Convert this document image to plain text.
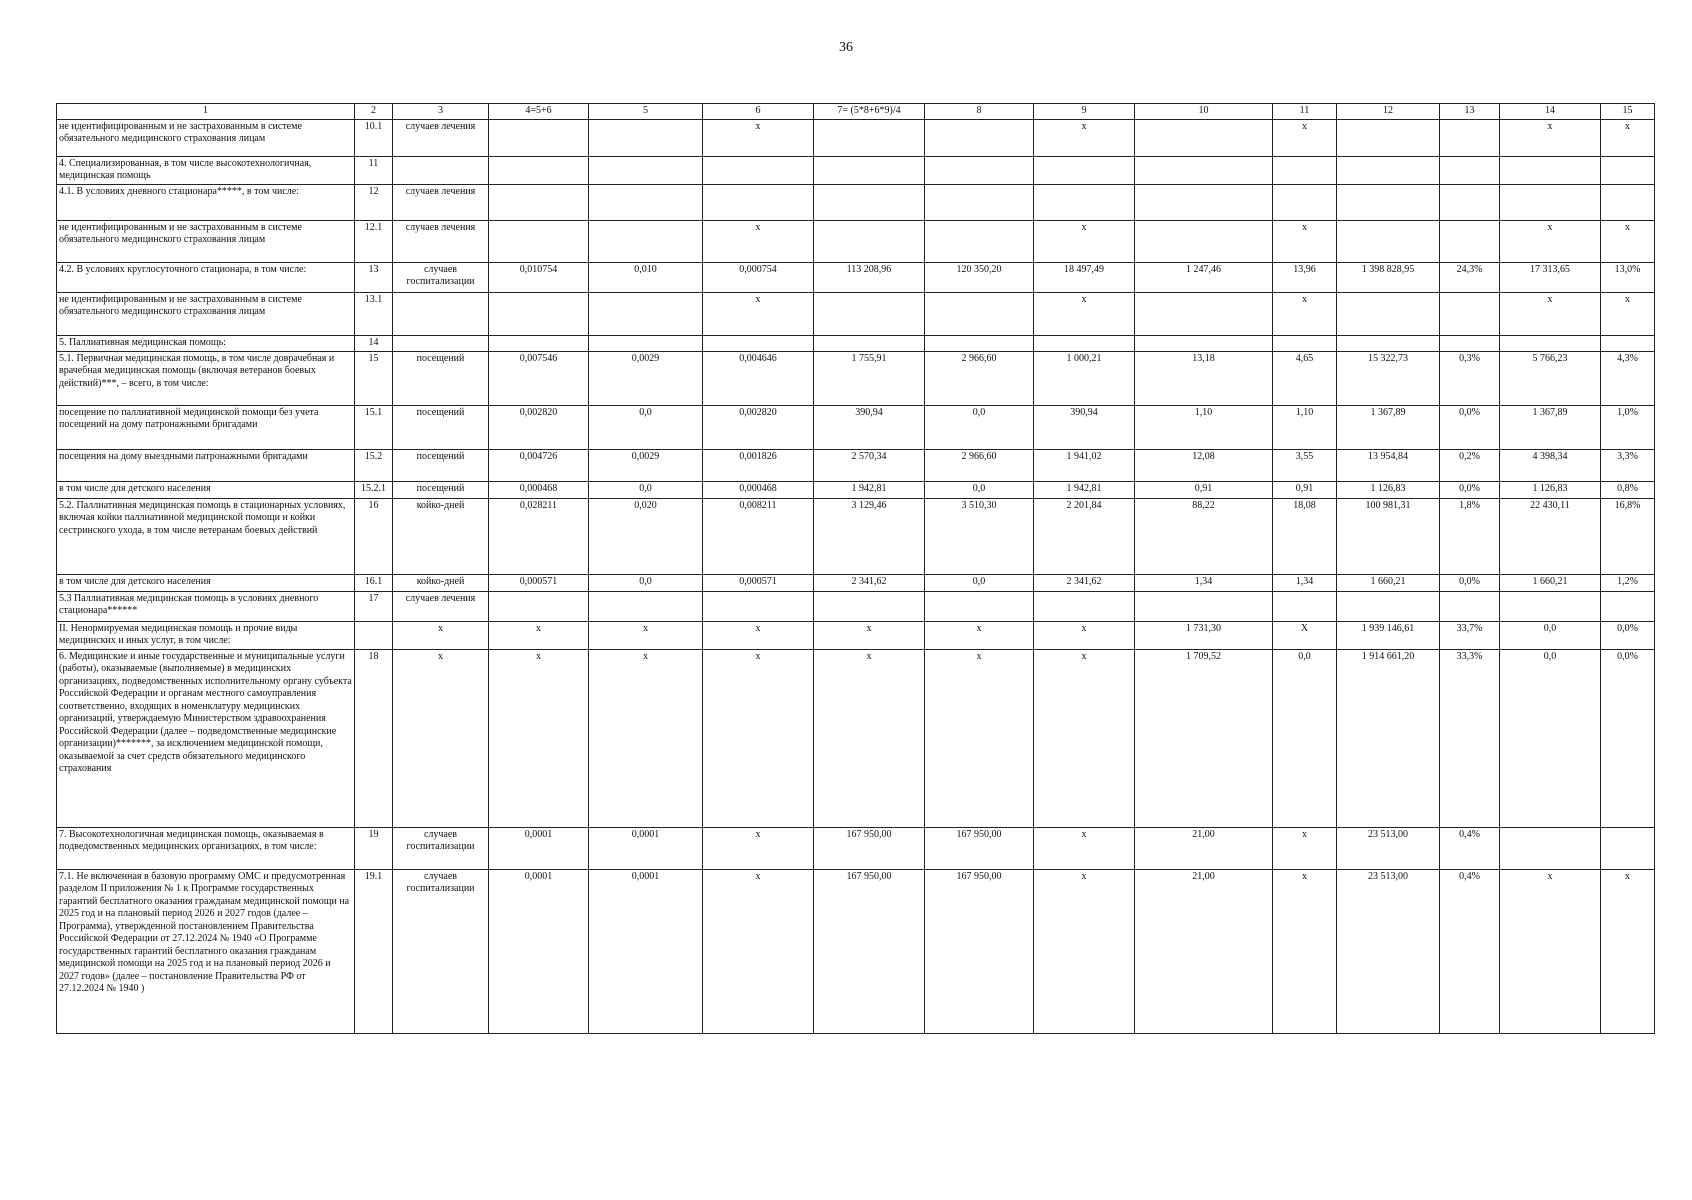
36
1	2	3	4=5+6	5	6	7= (5*8+6*9)/4	8	9	10	11	12	13	14	15
не идентифицированным и не застрахованным в системе обязательного медицинского страхования лицам	10.1	случаев лечения			x			x		x			x	x
4. Специализированная, в том числе высокотехнологичная, медицинская помощь	11													
4.1. В условиях дневного стационара*****, в том числе:	12	случаев лечения												
не идентифицированным и не застрахованным в системе обязательного медицинского страхования лицам	12.1	случаев лечения			x			x		x			x	x
4.2. В условиях круглосуточного стационара, в том числе:	13	случаев госпитализации	0,010754	0,010	0,000754	113 208,96	120 350,20	18 497,49	1 247,46	13,96	1 398 828,95	24,3%	17 313,65	13,0%
не идентифицированным и не застрахованным в системе обязательного медицинского страхования лицам	13.1				x			x		x			x	x
5. Паллиативная медицинская помощь:	14													
5.1. Первичная медицинская помощь, в том числе доврачебная и врачебная медицинская помощь (включая ветеранов боевых действий)***, – всего, в том числе:	15	посещений	0,007546	0,0029	0,004646	1 755,91	2 966,60	1 000,21	13,18	4,65	15 322,73	0,3%	5 766,23	4,3%
посещение по паллиативной медицинской помощи без учета посещений на дому патронажными бригадами	15.1	посещений	0,002820	0,0	0,002820	390,94	0,0	390,94	1,10	1,10	1 367,89	0,0%	1 367,89	1,0%
посещения на дому выездными патронажными бригадами	15.2	посещений	0,004726	0,0029	0,001826	2 570,34	2 966,60	1 941,02	12,08	3,55	13 954,84	0,2%	4 398,34	3,3%
в том числе для детского населения	15.2.1	посещений	0,000468	0,0	0,000468	1 942,81	0,0	1 942,81	0,91	0,91	1 126,83	0,0%	1 126,83	0,8%
5.2. Паллиативная медицинская помощь в стационарных условиях, включая койки паллиативной медицинской помощи и койки сестринского ухода, в том числе ветеранам боевых действий	16	койко-дней	0,028211	0,020	0,008211	3 129,46	3 510,30	2 201,84	88,22	18,08	100 981,31	1,8%	22 430,11	16,8%
в том числе для детского населения	16.1	койко-дней	0,000571	0,0	0,000571	2 341,62	0,0	2 341,62	1,34	1,34	1 660,21	0,0%	1 660,21	1,2%
5.3 Паллиативная медицинская помощь в условиях дневного стационара******	17	случаев лечения												
II. Ненормируемая медицинская помощь и прочие виды медицинских и иных услуг, в том числе:		x	x	x	x	x	x	x	1 731,30	X	1 939 146,61	33,7%	0,0	0,0%
6. Медицинские и иные государственные и муниципальные услуги (работы), оказываемые (выполняемые) в медицинских организациях, подведомственных исполнительному органу субъекта Российской Федерации и органам местного самоуправления соответственно, входящих в номенклатуру медицинских организаций, утверждаемую Министерством здравоохранения Российской Федерации (далее – подведомственные медицинские организации)*******, за исключением медицинской помощи, оказываемой за счет средств обязательного медицинского страхования	18	x	x	x	x	x	x	x	1 709,52	0,0	1 914 661,20	33,3%	0,0	0,0%
7. Высокотехнологичная медицинская помощь, оказываемая в подведомственных медицинских организациях, в том числе:	19	случаев госпитализации	0,0001	0,0001	x	167 950,00	167 950,00	x	21,00	x	23 513,00	0,4%		
7.1. Не включенная в базовую программу ОМС и предусмотренная разделом II приложения № 1 к Программе государственных гарантий бесплатного оказания гражданам медицинской помощи на 2025 год и на плановый период 2026 и 2027 годов (далее – Программа), утвержденной постановлением Правительства Российской Федерации от 27.12.2024 № 1940 «О Программе государственных гарантий бесплатного оказания гражданам медицинской помощи на 2025 год и на плановый период 2026 и 2027 годов» (далее – постановление Правительства РФ от 27.12.2024 № 1940 )	19.1	случаев госпитализации	0,0001	0,0001	x	167 950,00	167 950,00	x	21,00	x	23 513,00	0,4%	x	x
